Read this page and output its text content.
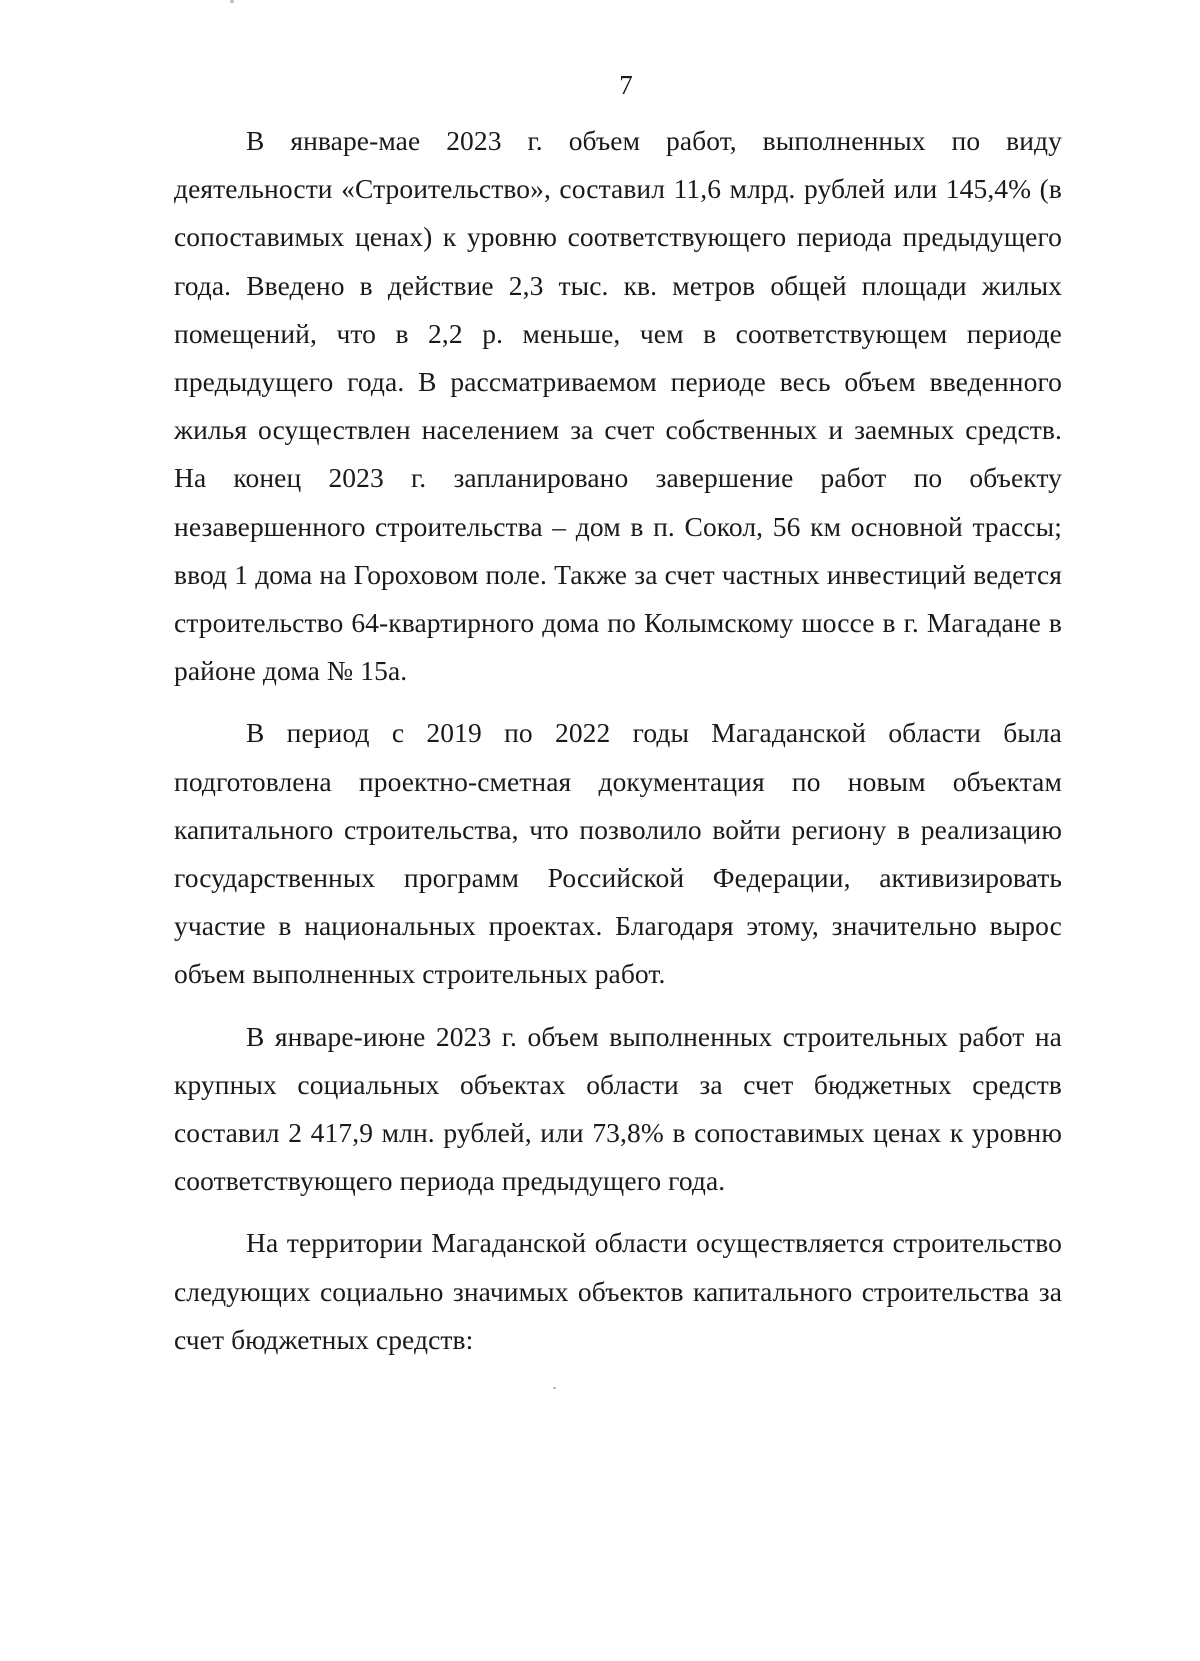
7

В январе-мае 2023 г. объем работ, выполненных по виду деятельности «Строительство», составил 11,6 млрд. рублей или 145,4% (в сопоставимых ценах) к уровню соответствующего периода предыдущего года. Введено в действие 2,3 тыс. кв. метров общей площади жилых помещений, что в 2,2 р. меньше, чем в соответствующем периоде предыдущего года. В рассматриваемом периоде весь объем введенного жилья осуществлен населением за счет собственных и заемных средств. На конец 2023 г. запланировано завершение работ по объекту незавершенного строительства – дом в п. Сокол, 56 км основной трассы; ввод 1 дома на Гороховом поле. Также за счет частных инвестиций ведется строительство 64-квартирного дома по Колымскому шоссе в г. Магадане в районе дома № 15а.

В период с 2019 по 2022 годы Магаданской области была подготовлена проектно-сметная документация по новым объектам капитального строительства, что позволило войти региону в реализацию государственных программ Российской Федерации, активизировать участие в национальных проектах. Благодаря этому, значительно вырос объем выполненных строительных работ.

В январе-июне 2023 г. объем выполненных строительных работ на крупных социальных объектах области за счет бюджетных средств составил 2 417,9 млн. рублей, или 73,8% в сопоставимых ценах к уровню соответствующего периода предыдущего года.

На территории Магаданской области осуществляется строительство следующих социально значимых объектов капитального строительства за счет бюджетных средств:
